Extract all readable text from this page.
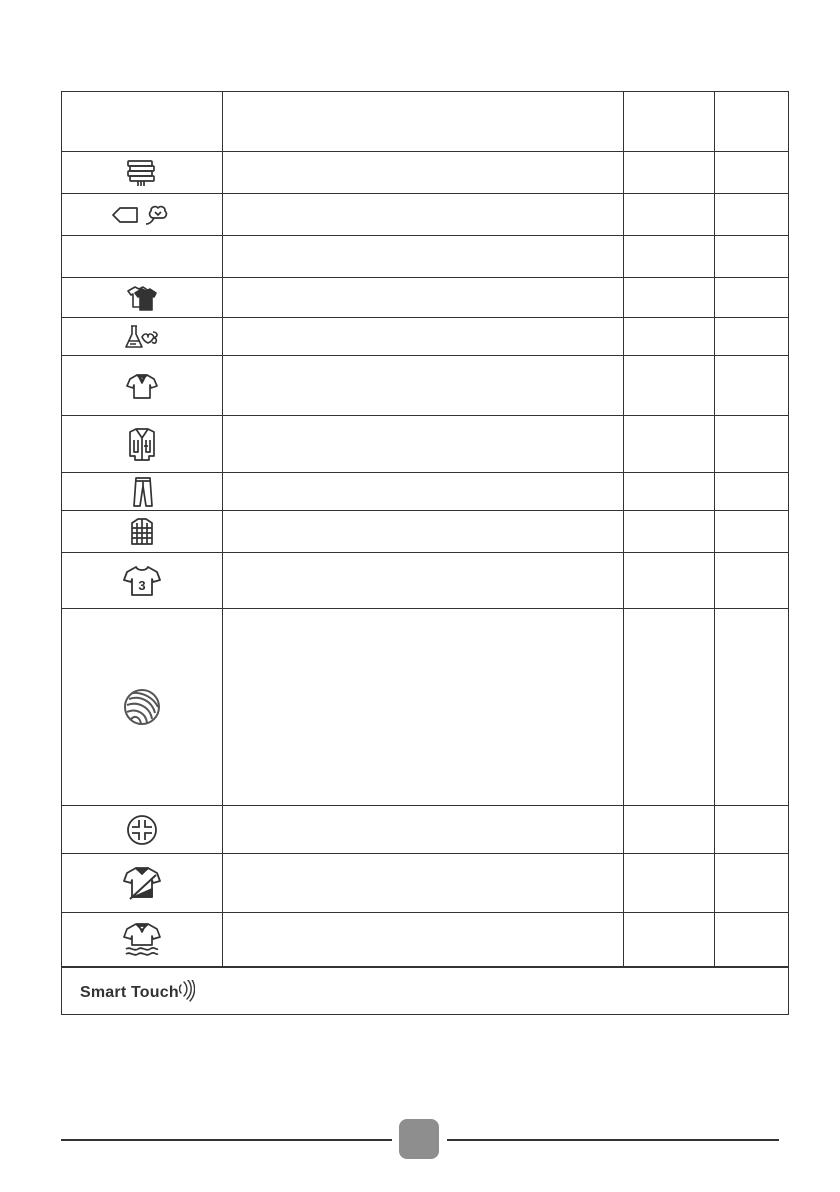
3			

Smart Touch			
